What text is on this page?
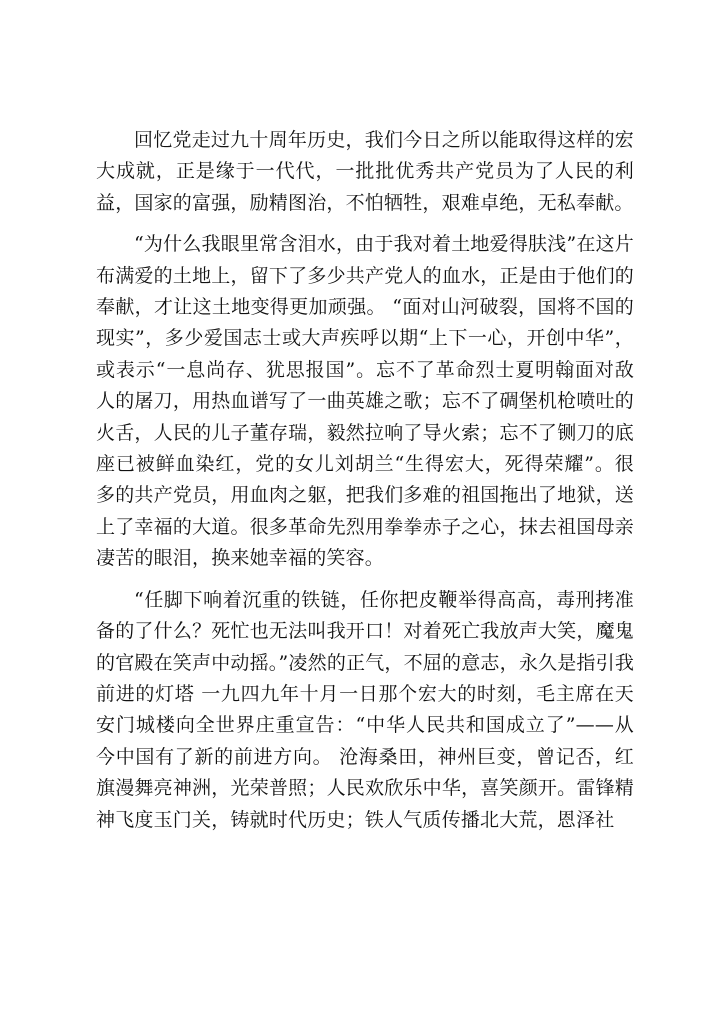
回忆党走过九十周年历史，我们今日之所以能取得这样的宏大成就，正是缘于一代代，一批批优秀共产党员为了人民的利益，国家的富强，励精图治，不怕牺牲，艰难卓绝，无私奉献。

“为什么我眼里常含泪水，由于我对着土地爱得肤浅”在这片布满爱的土地上，留下了多少共产党人的血水，正是由于他们的奉献，才让这土地变得更加顽强。 “面对山河破裂，国将不国的现实”，多少爱国志士或大声疾呼以期“上下一心，开创中华”，或表示“一息尚存、犹思报国”。忘不了革命烈士夏明翰面对敌人的屠刀，用热血谱写了一曲英雄之歌；忘不了碉堡机枪喷吐的火舌，人民的儿子董存瑞，毅然拉响了导火索；忘不了铡刀的底座已被鲜血染红，党的女儿刘胡兰“生得宏大，死得荣耀”。很多的共产党员，用血肉之躯，把我们多难的祖国拖出了地狱，送上了幸福的大道。很多革命先烈用拳拳赤子之心，抹去祖国母亲凄苦的眼泪，换来她幸福的笑容。

“任脚下响着沉重的铁链，任你把皮鞭举得高高，毒刑拷准备的了什么？死忙也无法叫我开口！对着死亡我放声大笑，魔鬼的官殿在笑声中动摇。”凌然的正气，不屈的意志，永久是指引我前进的灯塔 一九四九年十月一日那个宏大的时刻，毛主席在天安门城楼向全世界庄重宣告：“中华人民共和国成立了”——从今中国有了新的前进方向。 沧海桑田，神州巨变，曾记否，红旗漫舞亮神洲，光荣普照；人民欢欣乐中华，喜笑颜开。雷锋精神飞度玉门关，铸就时代历史；铁人气质传播北大荒，恩泽社
